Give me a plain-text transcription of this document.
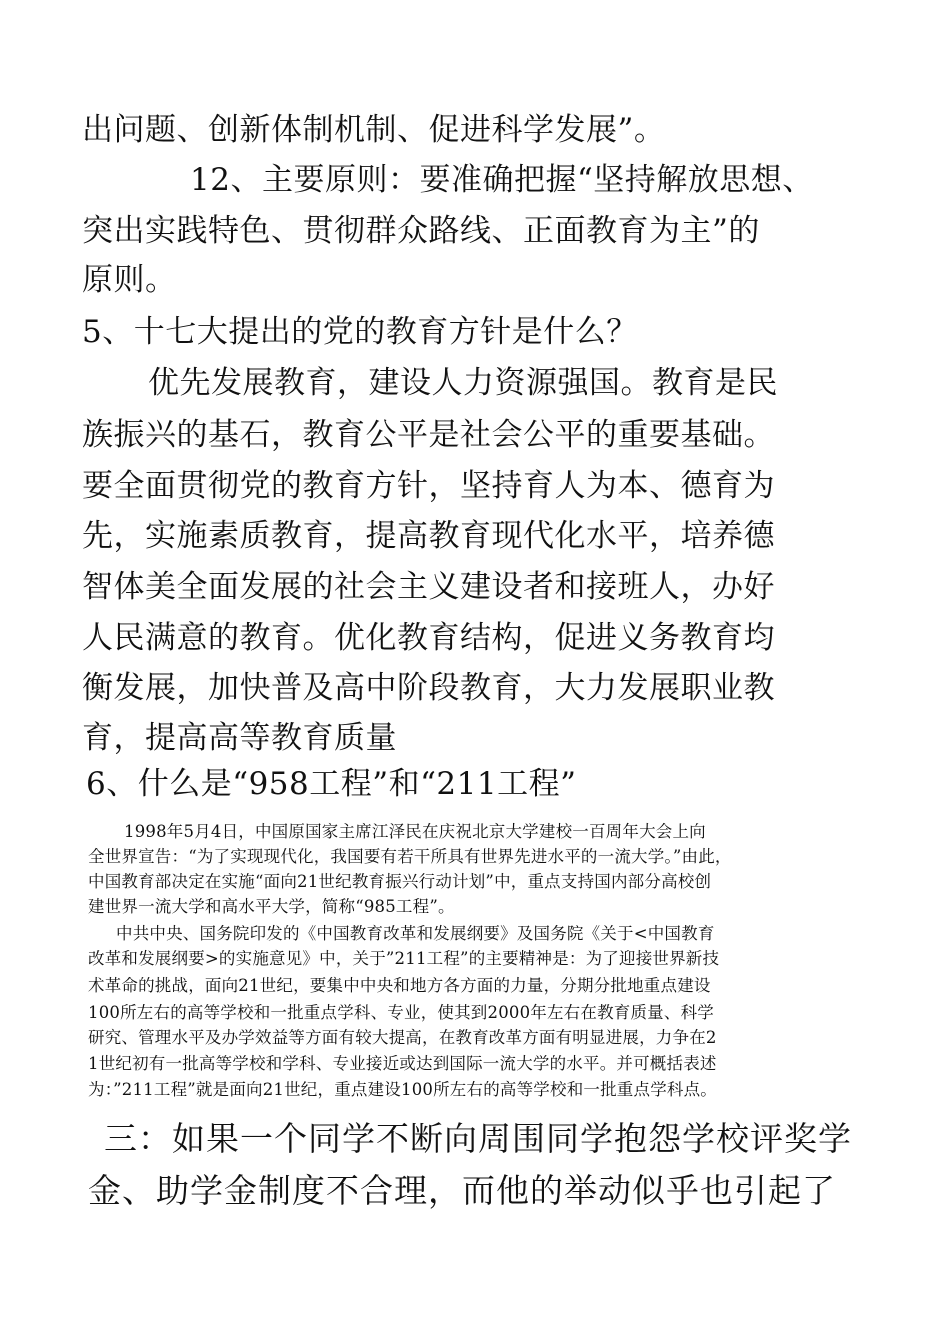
出问题、创新体制机制、促进科学发展”。
12、主要原则：要准确把握“坚持解放思想、
突出实践特色、贯彻群众路线、正面教育为主”的
原则。
5、十七大提出的党的教育方针是什么？
优先发展教育，建设人力资源强国。教育是民
族振兴的基石，教育公平是社会公平的重要基础。
要全面贯彻党的教育方针，坚持育人为本、德育为
先，实施素质教育，提高教育现代化水平，培养德
智体美全面发展的社会主义建设者和接班人，办好
人民满意的教育。优化教育结构，促进义务教育均
衡发展，加快普及高中阶段教育，大力发展职业教
育，提高高等教育质量
6、什么是“958工程”和“211工程”
1998年5月4日，中国原国家主席江泽民在庆祝北京大学建校一百周年大会上向
全世界宣告：“为了实现现代化，我国要有若干所具有世界先进水平的一流大学。”由此，
中国教育部决定在实施“面向21世纪教育振兴行动计划”中，重点支持国内部分高校创
建世界一流大学和高水平大学，简称“985工程”。
中共中央、国务院印发的《中国教育改革和发展纲要》及国务院《关于<中国教育
改革和发展纲要>的实施意见》中，关于”211工程”的主要精神是：为了迎接世界新技
术革命的挑战，面向21世纪，要集中中央和地方各方面的力量，分期分批地重点建设
100所左右的高等学校和一批重点学科、专业，使其到2000年左右在教育质量、科学
研究、管理水平及办学效益等方面有较大提高，在教育改革方面有明显进展，力争在2
1世纪初有一批高等学校和学科、专业接近或达到国际一流大学的水平。并可概括表述
为：”211工程”就是面向21世纪，重点建设100所左右的高等学校和一批重点学科点。
三：如果一个同学不断向周围同学抱怨学校评奖学
金、助学金制度不合理，而他的举动似乎也引起了
